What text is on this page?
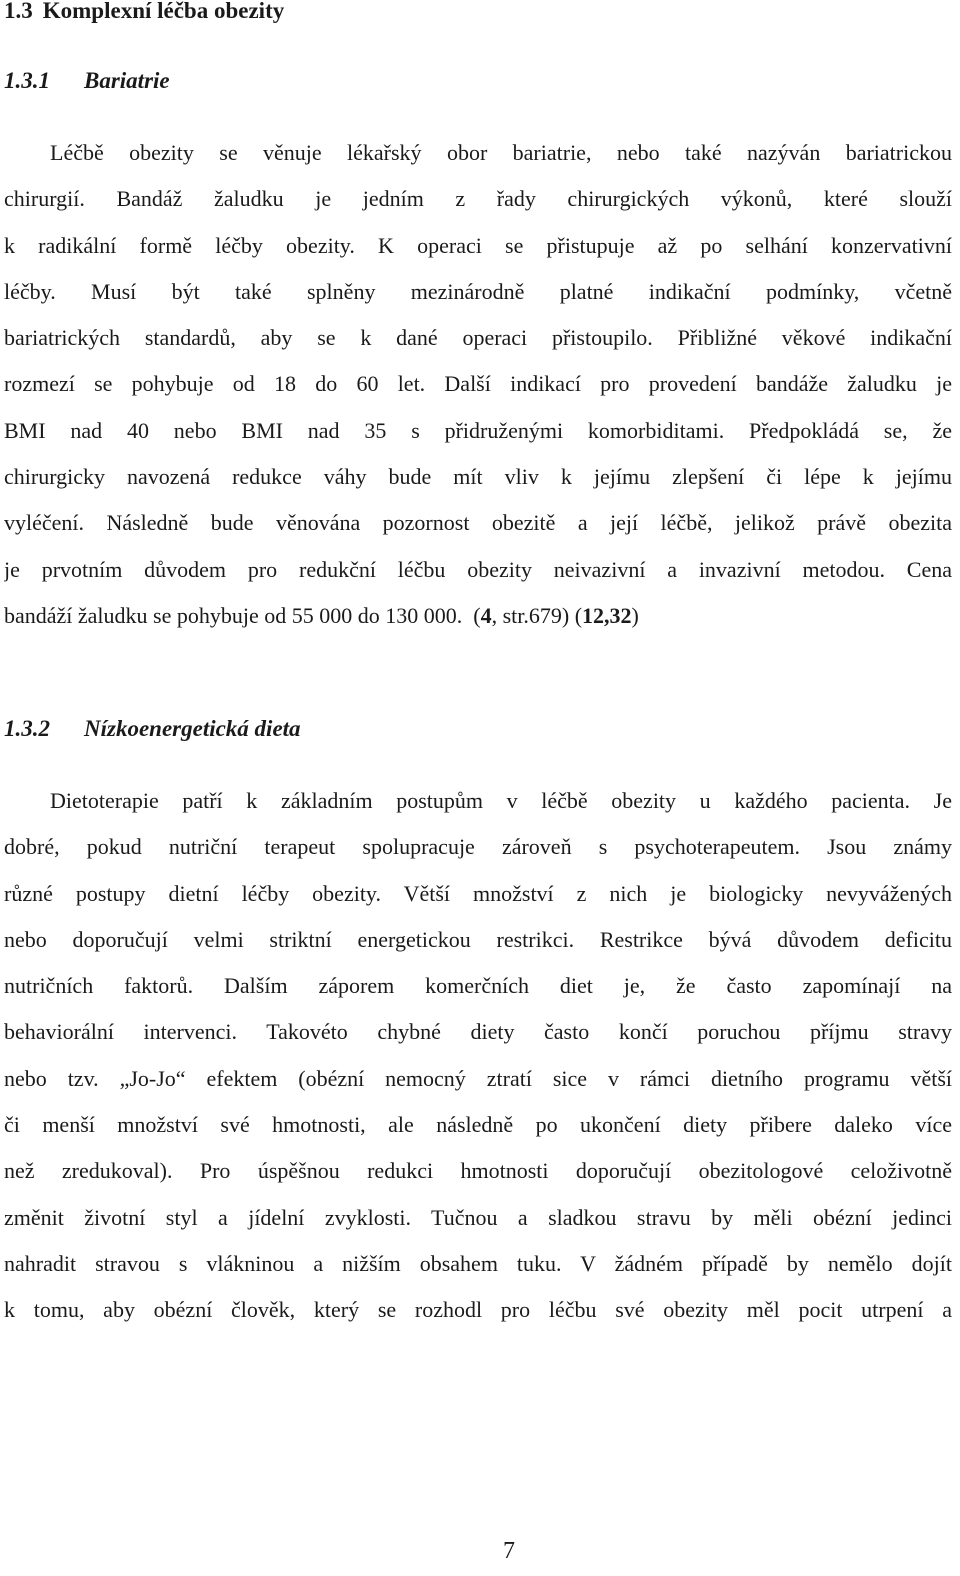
1.3 Komplexní léčba obezity
1.3.1 Bariatrie
Léčbě obezity se věnuje lékařský obor bariatrie, nebo také nazýván bariatrickou
chirurgií. Bandáž žaludku je jedním z řady chirurgických výkonů, které slouží
k radikální formě léčby obezity. K operaci se přistupuje až po selhání konzervativní
léčby. Musí být také splněny mezinárodně platné indikační podmínky, včetně
bariatrických standardů, aby se k dané operaci přistoupilo. Přibližné věkové indikační
rozmezí se pohybuje od 18 do 60 let. Další indikací pro provedení bandáže žaludku je
BMI nad 40 nebo BMI nad 35 s přidruženými komorbiditami. Předpokládá se, že
chirurgicky navozená redukce váhy bude mít vliv k jejímu zlepšení či lépe k jejímu
vyléčení. Následně bude věnována pozornost obezitě a její léčbě, jelikož právě obezita
je prvotním důvodem pro redukční léčbu obezity neivazivní a invazivní metodou. Cena
bandáží žaludku se pohybuje od 55 000 do 130 000. (4, str.679) (12,32)
1.3.2 Nízkoenergetická dieta
Dietoterapie patří k základním postupům v léčbě obezity u každého pacienta. Je
dobré, pokud nutriční terapeut spolupracuje zároveň s psychoterapeutem. Jsou známy
různé postupy dietní léčby obezity. Větší množství z nich je biologicky nevyvážených
nebo doporučují velmi striktní energetickou restrikci. Restrikce bývá důvodem deficitu
nutričních faktorů. Dalším záporem komerčních diet je, že často zapomínají na
behaviorální intervenci. Takovéto chybné diety často končí poruchou příjmu stravy
nebo tzv. „Jo-Jo“ efektem (obézní nemocný ztratí sice v rámci dietního programu větší
či menší množství své hmotnosti, ale následně po ukončení diety přibere daleko více
než zredukoval). Pro úspěšnou redukci hmotnosti doporučují obezitologové celoživotně
změnit životní styl a jídelní zvyklosti. Tučnou a sladkou stravu by měli obézní jedinci
nahradit stravou s vlákninou a nižším obsahem tuku. V žádném případě by nemělo dojít
k tomu, aby obézní člověk, který se rozhodl pro léčbu své obezity měl pocit utrpení a
7
